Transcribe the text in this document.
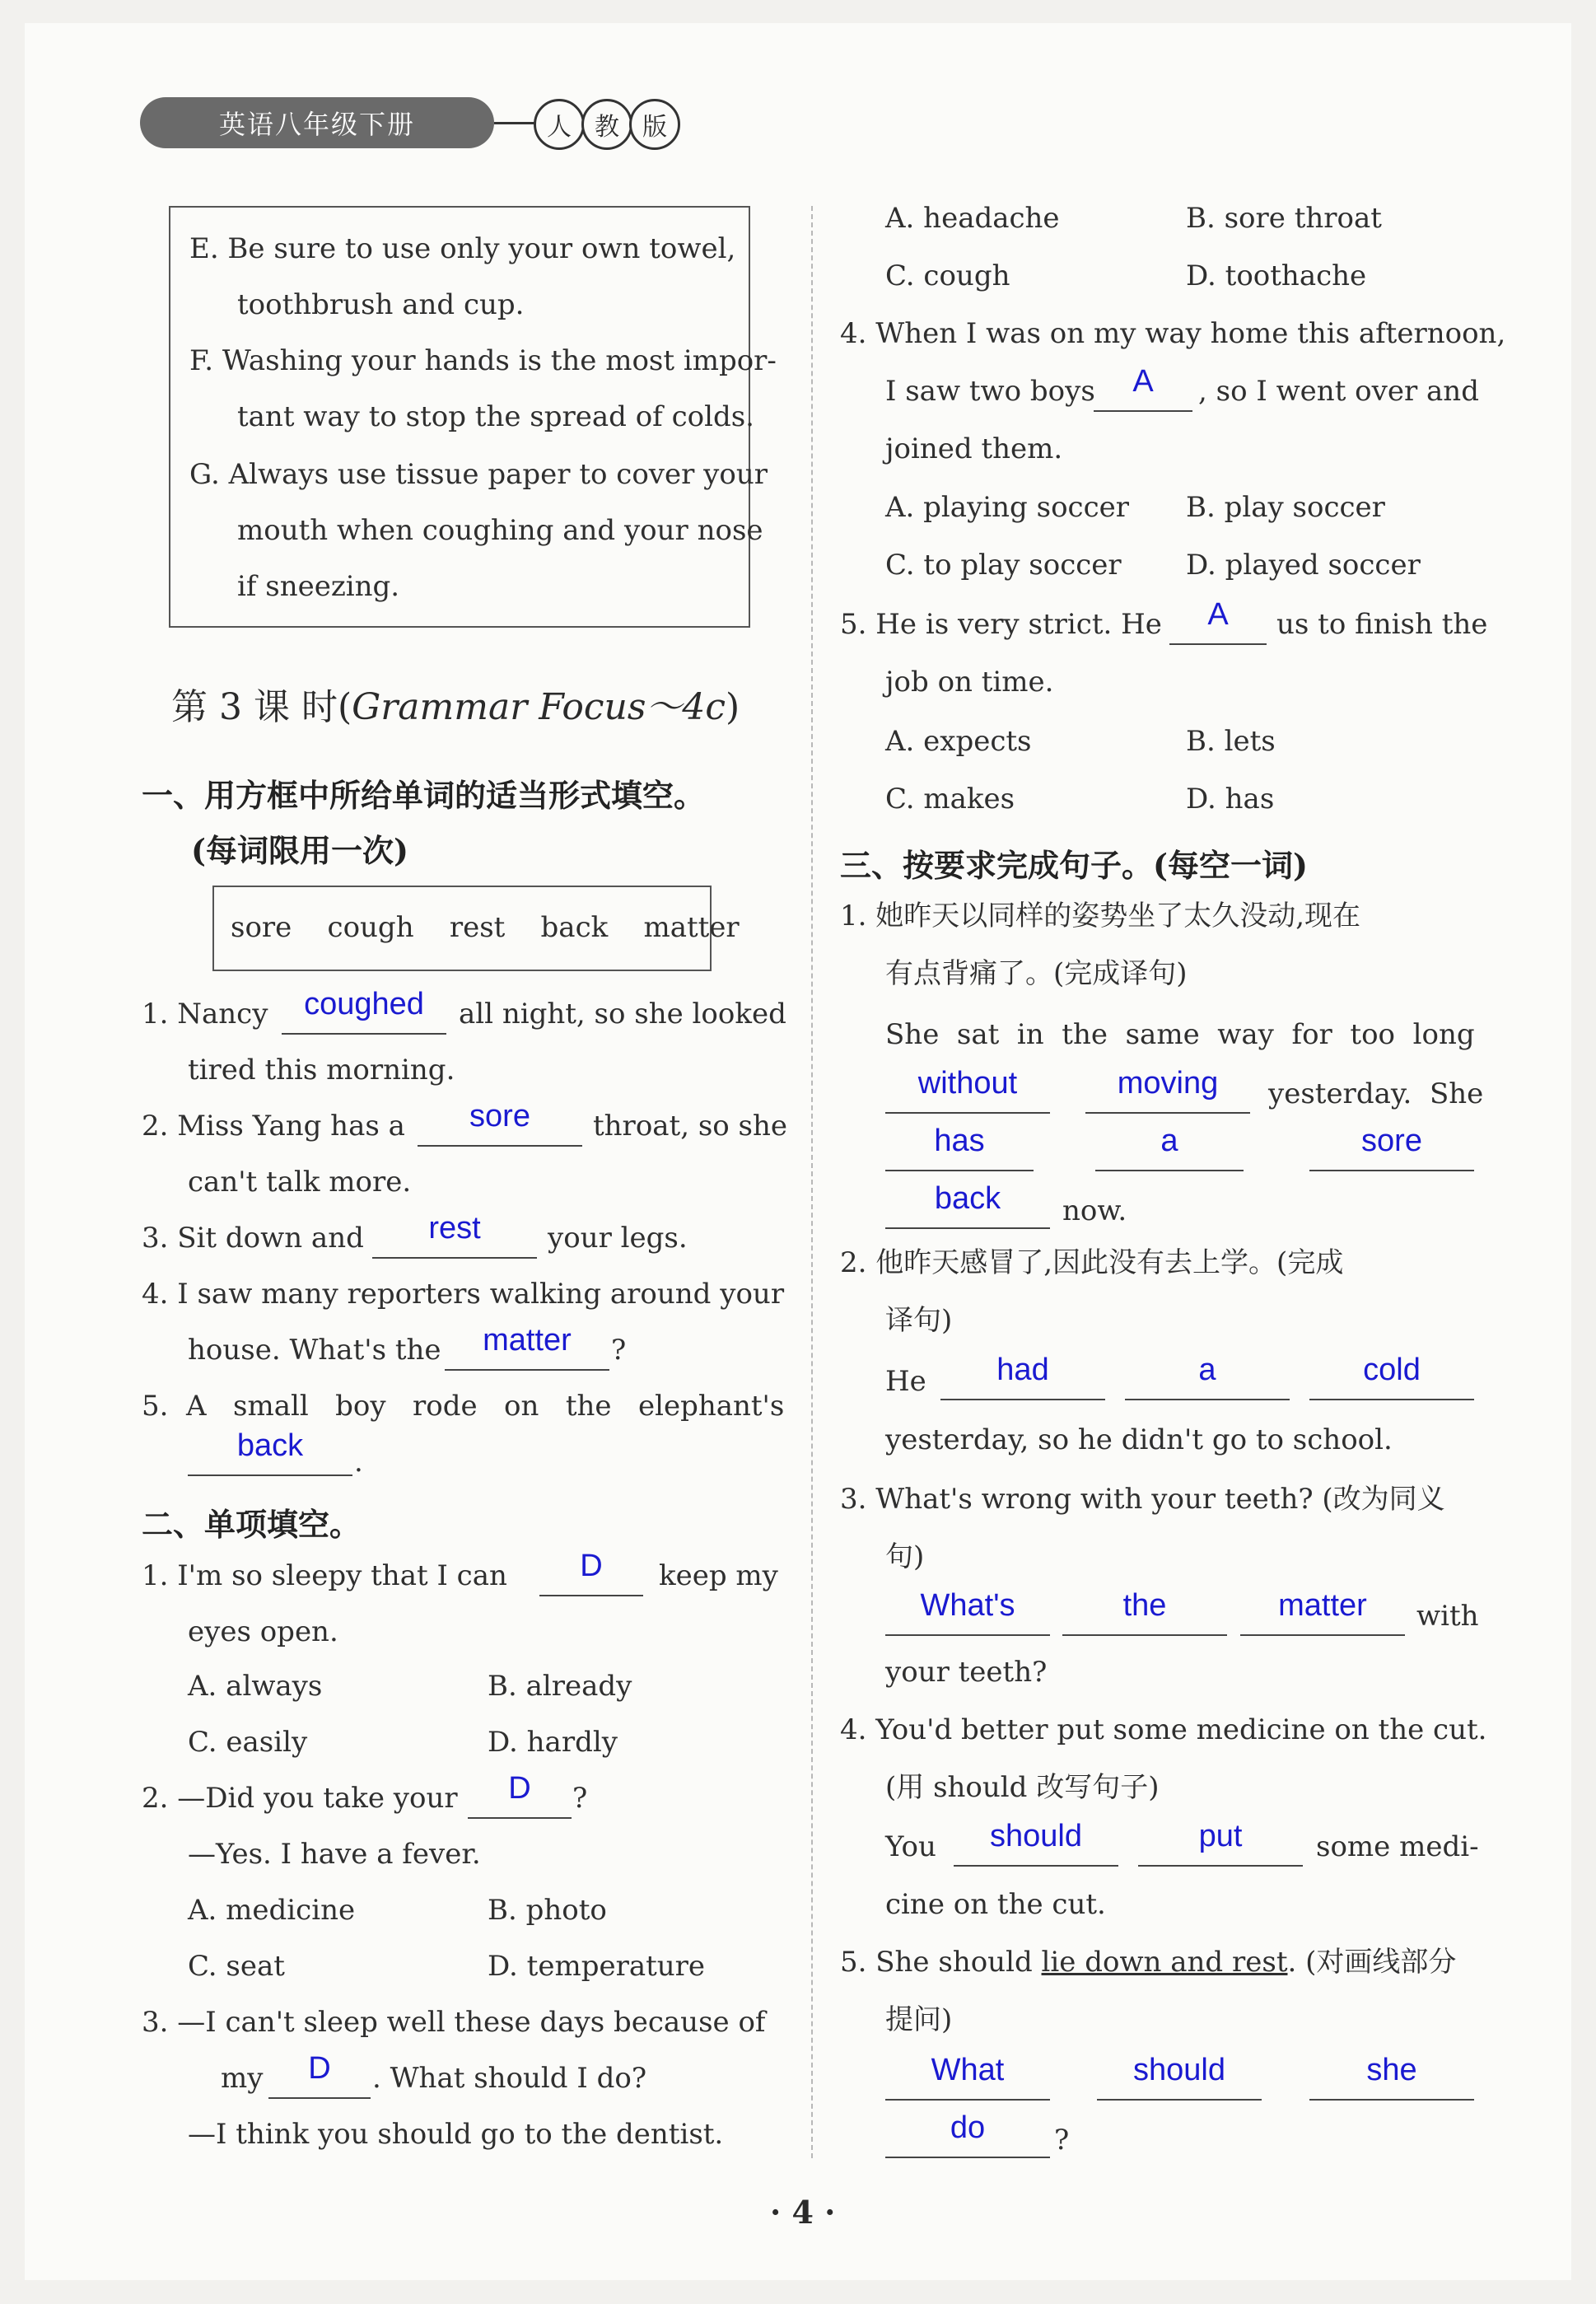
英语八年级下册	人 教 版
E. Be sure to use only your own towel,
toothbrush and cup.
F. Washing your hands is the most impor-
tant way to stop the spread of colds.
G. Always use tissue paper to cover your
mouth when coughing and your nose
if sneezing.
第 3 课 时(Grammar Focus～4c)
一、用方框中所给单词的适当形式填空。
(每词限用一次)
sore    cough    rest    back    matter
1. Nancy	coughed	all night, so she looked
tired this morning.
2. Miss Yang has a	sore	throat, so she
can't talk more.
3. Sit down and	rest	your legs.
4. I saw many reporters walking around your
house. What's the	matter	?
5.  A   small   boy   rode   on   the   elephant's
back	.
二、单项填空。
1. I'm so sleepy that I can	D	keep my
eyes open.
A. always	B. already
C. easily	D. hardly
2. —Did you take your	D	?
—Yes. I have a fever.
A. medicine	B. photo
C. seat	D. temperature
3. —I can't sleep well these days because of
my	D	. What should I do?
—I think you should go to the dentist.
A. headache	B. sore throat
C. cough	D. toothache
4. When I was on my way home this afternoon,
I saw two boys	A	, so I went over and
joined them.
A. playing soccer B. play soccer
C. to play soccer D. played soccer
5. He is very strict. He	A	us to finish the
job on time.
A. expects	B. lets
C. makes	D. has
三、按要求完成句子。(每空一词)
1. 她昨天以同样的姿势坐了太久没动,现在
有点背痛了。(完成译句)
She  sat  in  the  same  way  for  too  long
without	moving	yesterday.  She
has	a	sore
back	now.
2. 他昨天感冒了,因此没有去上学。(完成
译句)
He	had	a	cold
yesterday, so he didn't go to school.
3. What's wrong with your teeth? (改为同义
句)
What's	the	matter	with
your teeth?
4. You'd better put some medicine on the cut.
(用 should 改写句子)
You	should	put	some medi-
cine on the cut.
5. She should lie down and rest. (对画线部分
提问)
What	should	she
do	?
· 4 ·
